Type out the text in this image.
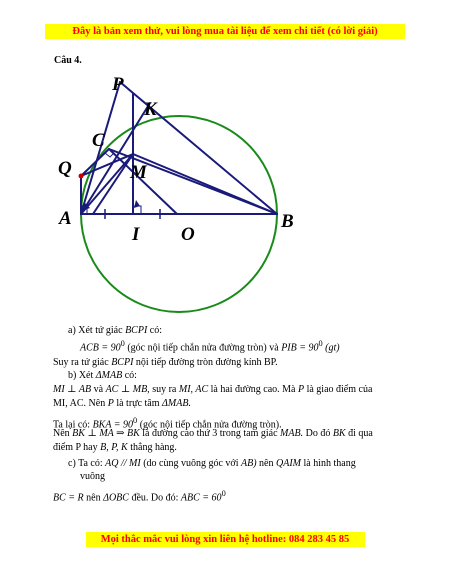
Đây là bản xem thử, vui lòng mua tài liệu để xem chi tiết (có lời giải)
Câu 4.
P
K
C
Q	M
A
I O
B
a) Xét tứ giác BCPI có:
ACB = $90^0$ (góc nội tiếp chắn nửa đường tròn) và PIB = $90^0$ (gt)
Suy ra tứ giác BCPI nội tiếp đường tròn đường kính BP.
b) Xét ΔMAB có:
MI ⊥ AB và AC ⊥ MB, suy ra MI, AC là hai đường cao. Mà P là giao điểm của
MI, AC. Nên P là trực tâm ΔMAB.
Ta lại có: BKA = $90^0$ (góc nội tiếp chắn nửa đường tròn).
Nên BK ⊥ MA ⇒ BK là đường cao thứ 3 trong tam giác MAB. Do đó BK đi qua
điểm P hay B, P, K thẳng hàng.
c) Ta có: AQ // MI (do cùng vuông góc với AB) nên QAIM là hình thang
vuông
BC = R nên ΔOBC đều. Do đó: ABC = $60^0$
Mọi thắc mắc vui lòng xin liên hệ hotline: 084 283 45 85
